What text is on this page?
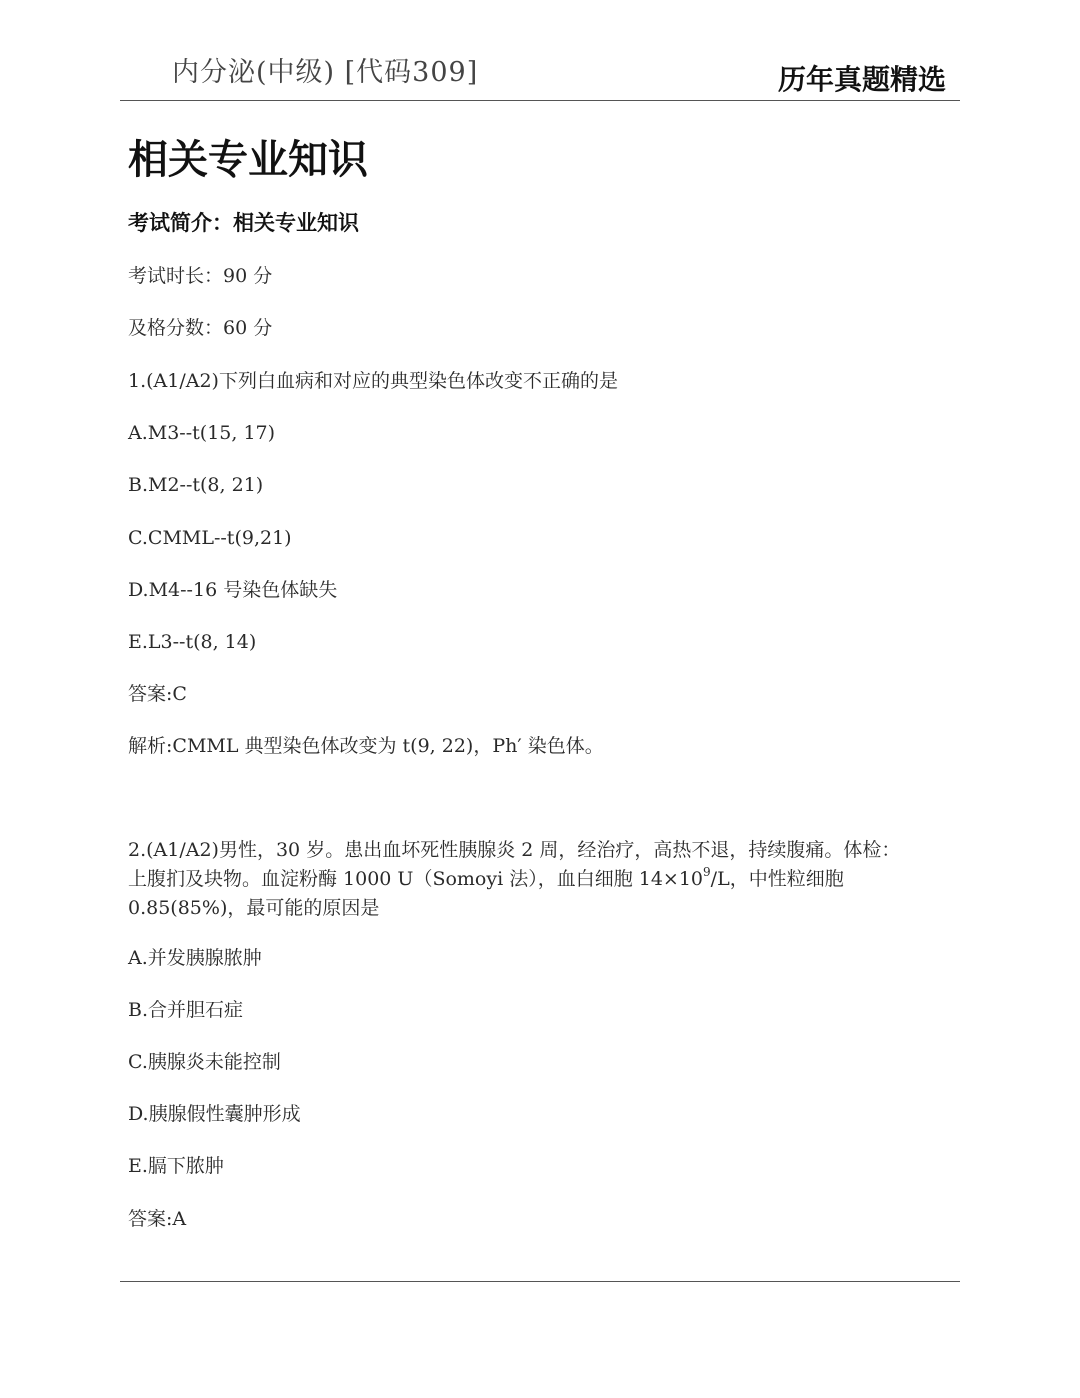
内分泌(中级) [代码309]	历年真题精选
相关专业知识
考试简介：相关专业知识
考试时长：90 分
及格分数：60 分
1.(A1/A2)下列白血病和对应的典型染色体改变不正确的是
A.M3--t(15, 17)
B.M2--t(8, 21)
C.CMML--t(9,21)
D.M4--16 号染色体缺失
E.L3--t(8, 14)
答案:C
解析:CMML 典型染色体改变为 t(9, 22)，Ph′ 染色体。
2.(A1/A2)男性，30 岁。患出血坏死性胰腺炎 2 周，经治疗，高热不退，持续腹痛。体检：
上腹扪及块物。血淀粉酶 1000 U（Somoyi 法），血白细胞 $14\times 10^9/L$，中性粒细胞
0.85(85%)，最可能的原因是
A.并发胰腺脓肿
B.合并胆石症
C.胰腺炎未能控制
D.胰腺假性囊肿形成
E.膈下脓肿
答案:A
